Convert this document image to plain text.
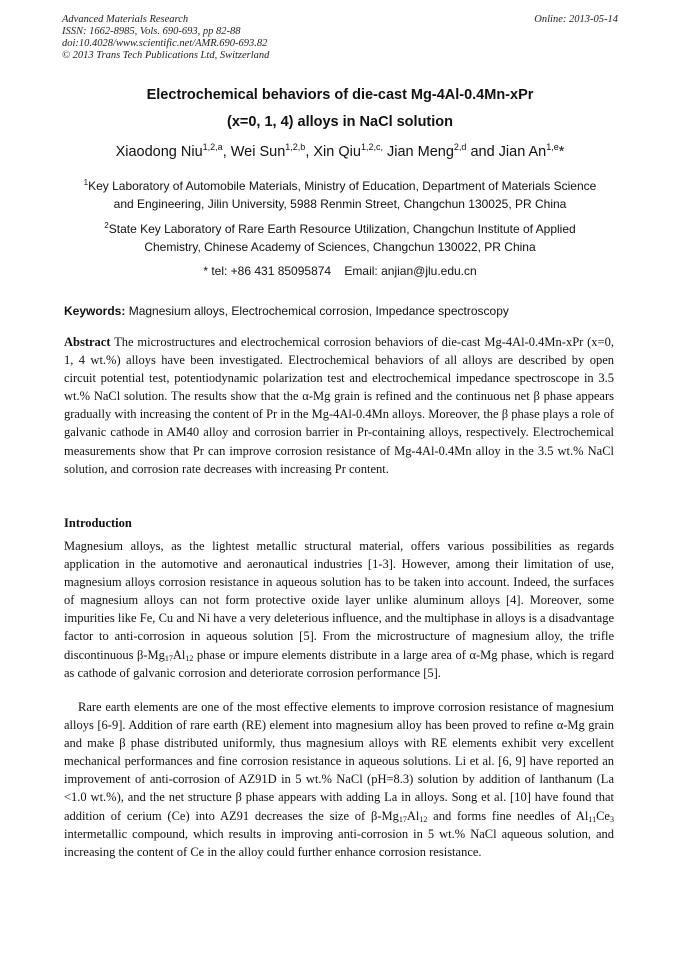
Advanced Materials Research
ISSN: 1662-8985, Vols. 690-693, pp 82-88
doi:10.4028/www.scientific.net/AMR.690-693.82
© 2013 Trans Tech Publications Ltd, Switzerland
Online: 2013-05-14
Electrochemical behaviors of die-cast Mg-4Al-0.4Mn-xPr
(x=0, 1, 4) alloys in NaCl solution
Xiaodong Niu$^{1,2,a}$, Wei Sun$^{1,2,b}$, Xin Qiu$^{1,2,c,}$ Jian Meng$^{2,d}$ and Jian An$^{1,e}$*
$^1$Key Laboratory of Automobile Materials, Ministry of Education, Department of Materials Science
and Engineering, Jilin University, 5988 Renmin Street, Changchun 130025, PR China
$^2$State Key Laboratory of Rare Earth Resource Utilization, Changchun Institute of Applied
Chemistry, Chinese Academy of Sciences, Changchun 130022, PR China
* tel: +86 431 85095874    Email: anjian@jlu.edu.cn
Keywords: Magnesium alloys, Electrochemical corrosion, Impedance spectroscopy
Abstract The microstructures and electrochemical corrosion behaviors of die-cast Mg-4Al-0.4Mn-xPr (x=0, 1, 4 wt.%) alloys have been investigated. Electrochemical behaviors of all alloys are described by open circuit potential test, potentiodynamic polarization test and electrochemical impedance spectroscope in 3.5 wt.% NaCl solution. The results show that the α-Mg grain is refined and the continuous net β phase appears gradually with increasing the content of Pr in the Mg-4Al-0.4Mn alloys. Moreover, the β phase plays a role of galvanic cathode in AM40 alloy and corrosion barrier in Pr-containing alloys, respectively. Electrochemical measurements show that Pr can improve corrosion resistance of Mg-4Al-0.4Mn alloy in the 3.5 wt.% NaCl solution, and corrosion rate decreases with increasing Pr content.
Introduction
Magnesium alloys, as the lightest metallic structural material, offers various possibilities as regards application in the automotive and aeronautical industries [1-3]. However, among their limitation of use, magnesium alloys corrosion resistance in aqueous solution has to be taken into account. Indeed, the surfaces of magnesium alloys can not form protective oxide layer unlike aluminum alloys [4]. Moreover, some impurities like Fe, Cu and Ni have a very deleterious influence, and the multiphase in alloys is a disadvantage factor to anti-corrosion in aqueous solution [5]. From the microstructure of magnesium alloy, the trifle discontinuous $\beta-Mg_{17}Al_{12}$ phase or impure elements distribute in a large area of α-Mg phase, which is regard as cathode of galvanic corrosion and deteriorate corrosion performance [5].
Rare earth elements are one of the most effective elements to improve corrosion resistance of magnesium alloys [6-9]. Addition of rare earth (RE) element into magnesium alloy has been proved to refine α-Mg grain and make β phase distributed uniformly, thus magnesium alloys with RE elements exhibit very excellent mechanical performances and fine corrosion resistance in aqueous solutions. Li et al. [6, 9] have reported an improvement of anti-corrosion of AZ91D in 5 wt.% NaCl (pH=8.3) solution by addition of lanthanum (La <1.0 wt.%), and the net structure β phase appears with adding La in alloys. Song et al. [10] have found that addition of cerium (Ce) into AZ91 decreases the size of $\beta-Mg_{17}Al_{12}$ and forms fine needles of $Al_{11}Ce_3$ intermetallic compound, which results in improving anti-corrosion in 5 wt.% NaCl aqueous solution, and increasing the content of Ce in the alloy could further enhance corrosion resistance.
